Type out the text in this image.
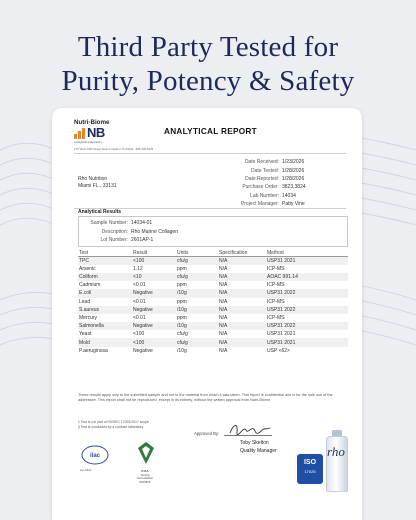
Third Party Tested for
Purity, Potency & Safety
Nutri-Biome
NB
Analytical Laboratory
175 West 1465 Street Suite A Ogden UT, 84404 · 385-296-8129
ANALYTICAL REPORT
Date Received: 1/23/2026
Date Tested: 1/28/2026
Date Reported: 1/28/2026
Purchase Order: 3823,3824
Lab Number: 14034
Project Manager: Patty Vine
Rho Nutrition
Miami FL., 33131
Analytical Results
Sample Number: 14034-01
Description: Rho Marine Collagen
Lot Number: 2601AP-1
Test	Result	Units	Specification	Method
TPC	<100	cfu/g	N/A	USP31 2021
Arsenic	1.12	ppm	N/A	ICP-MS
Coliform	<10	cfu/g	N/A	AOAC 991.14
Cadmium	<0.01	ppm	N/A	ICP-MS
E.coli	Negative	/10g	N/A	USP31 2022
Lead	<0.01	ppm	N/A	ICP-MS
S.aureus	Negative	/10g	N/A	USP31 2022
Mercury	<0.01	ppm	N/A	ICP-MS
Salmonella	Negative	/10g	N/A	USP31 2022
Yeast	<100	cfu/g	N/A	USP31 2021
Mold	<100	cfu/g	N/A	USP31 2021
P.aeruginosa	Negative	/10g	N/A	USP <62>
These results apply only to the submitted sample and not to the material from which it was taken. This report is confidential and is for the sole use of the addressee. This report shall not be reproduced, except in its entirety, without the written approval from Nutri-Biome.
‡ Test is not part of ISO/IEC 17025:2017 scope
§ Test is conducted by a contract laboratory
Approved By:
Toby Skelton
Quality Manager
ilac
ilac-MRA	PJLA
Testing
Accreditation #109605
ISO
17025
rho
